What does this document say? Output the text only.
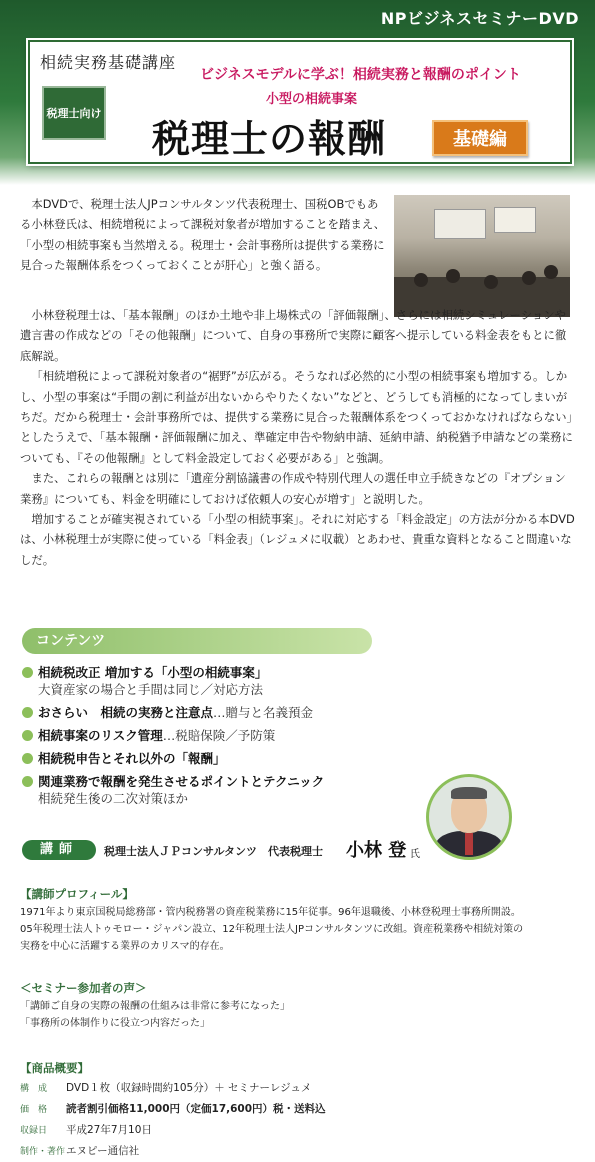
NPビジネスセミナーDVD
相続実務基礎講座
税理士向け
ビジネスモデルに学ぶ！相続実務と報酬のポイント
小型の相続事案
税理士の報酬	基礎編

本DVDで、税理士法人JPコンサルタンツ代表税理士、国税OBでもある小林登氏は、相続増税によって課税対象者が増加することを踏まえ、「小型の相続事案も当然増える。税理士・会計事務所は提供する業務に見合った報酬体系をつくっておくことが肝心」と強く語る。

小林登税理士は、「基本報酬」のほか土地や非上場株式の「評価報酬」、さらには相続シミュレーションや遺言書の作成などの「その他報酬」について、自身の事務所で実際に顧客へ提示している料金表をもとに徹底解説。

「相続増税によって課税対象者の“裾野”が広がる。そうなれば必然的に小型の相続事案も増加する。しかし、小型の事案は“手間の割に利益が出ないからやりたくない”などと、どうしても消極的になってしまいがちだ。だから税理士・会計事務所では、提供する業務に見合った報酬体系をつくっておかなければならない」としたうえで、「基本報酬・評価報酬に加え、準確定申告や物納申請、延納申請、納税猶予申請などの業務についても、『その他報酬』として料金設定しておく必要がある」と強調。

また、これらの報酬とは別に「遺産分割協議書の作成や特別代理人の選任申立手続きなどの『オプション業務』についても、料金を明確にしておけば依頼人の安心が増す」と説明した。

増加することが確実視されている「小型の相続事案」。それに対応する「料金設定」の方法が分かる本DVDは、小林税理士が実際に使っている「料金表」（レジュメに収載）とあわせ、貴重な資料となること間違いなしだ。

コンテンツ
相続税改正 増加する「小型の相続事案」
大資産家の場合と手間は同じ／対応方法
おさらい　相続の実務と注意点…贈与と名義預金
相続事案のリスク管理…税賠保険／予防策
相続税申告とそれ以外の「報酬」
関連業務で報酬を発生させるポイントとテクニック
相続発生後の二次対策ほか
講師	税理士法人ＪＰコンサルタンツ　代表税理士 小林 登 氏
【講師プロフィール】

1971年より東京国税局総務部・管内税務署の資産税業務に15年従事。96年退職後、小林登税理士事務所開設。

05年税理士法人トゥモロー・ジャパン設立、12年税理士法人JPコンサルタンツに改組。資産税業務や相続対策の

実務を中心に活躍する業界のカリスマ的存在。

＜セミナー参加者の声＞

「講師ご自身の実際の報酬の仕組みは非常に参考になった」

「事務所の体制作りに役立つ内容だった」

【商品概要】
構　成 DVD１枚（収録時間約105分）＋ セミナーレジュメ
価　格 読者割引価格11,000円（定価17,600円）税・送料込
収録日 平成27年7月10日
制作・著作エヌピー通信社
